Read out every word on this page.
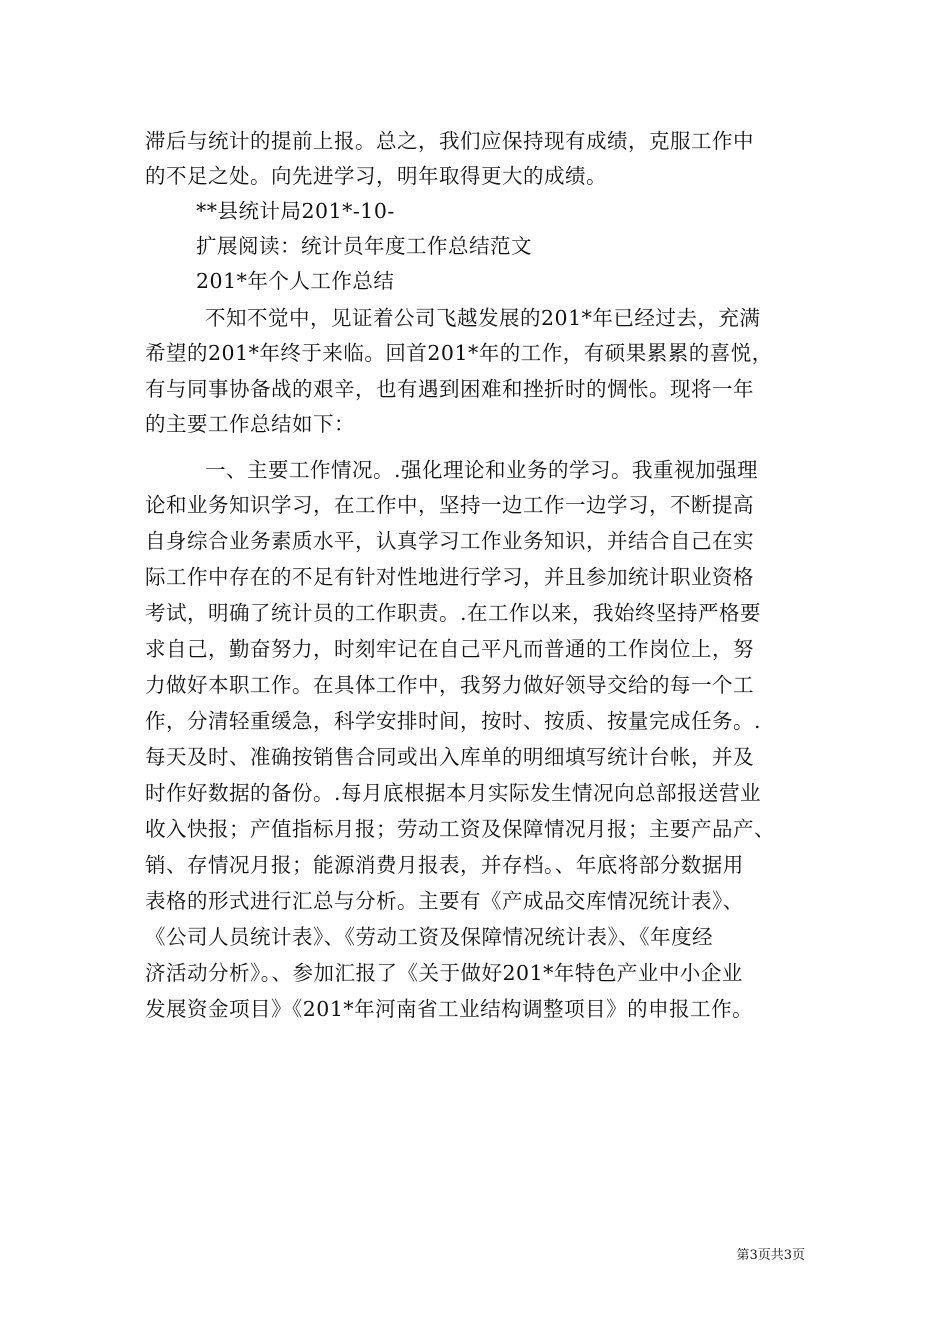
滞后与统计的提前上报。总之，我们应保持现有成绩，克服工作中

的不足之处。向先进学习，明年取得更大的成绩。

**县统计局201*-10-

扩展阅读：统计员年度工作总结范文

201*年个人工作总结

不知不觉中，见证着公司飞越发展的201*年已经过去，充满

希望的201*年终于来临。回首201*年的工作，有硕果累累的喜悦，

有与同事协备战的艰辛，也有遇到困难和挫折时的惆怅。现将一年

的主要工作总结如下：

一、主要工作情况。.强化理论和业务的学习。我重视加强理

论和业务知识学习，在工作中，坚持一边工作一边学习，不断提高

自身综合业务素质水平，认真学习工作业务知识，并结合自己在实

际工作中存在的不足有针对性地进行学习，并且参加统计职业资格

考试，明确了统计员的工作职责。.在工作以来，我始终坚持严格要

求自己，勤奋努力，时刻牢记在自己平凡而普通的工作岗位上，努

力做好本职工作。在具体工作中，我努力做好领导交给的每一个工

作，分清轻重缓急，科学安排时间，按时、按质、按量完成任务。.

每天及时、准确按销售合同或出入库单的明细填写统计台帐，并及

时作好数据的备份。.每月底根据本月实际发生情况向总部报送营业

收入快报；产值指标月报；劳动工资及保障情况月报；主要产品产、

销、存情况月报；能源消费月报表，并存档。、年底将部分数据用

表格的形式进行汇总与分析。主要有《产成品交库情况统计表》、

《公司人员统计表》、《劳动工资及保障情况统计表》、《年度经

济活动分析》。、参加汇报了《关于做好201*年特色产业中小企业

发展资金项目》《201*年河南省工业结构调整项目》的申报工作。

第3页共3页
